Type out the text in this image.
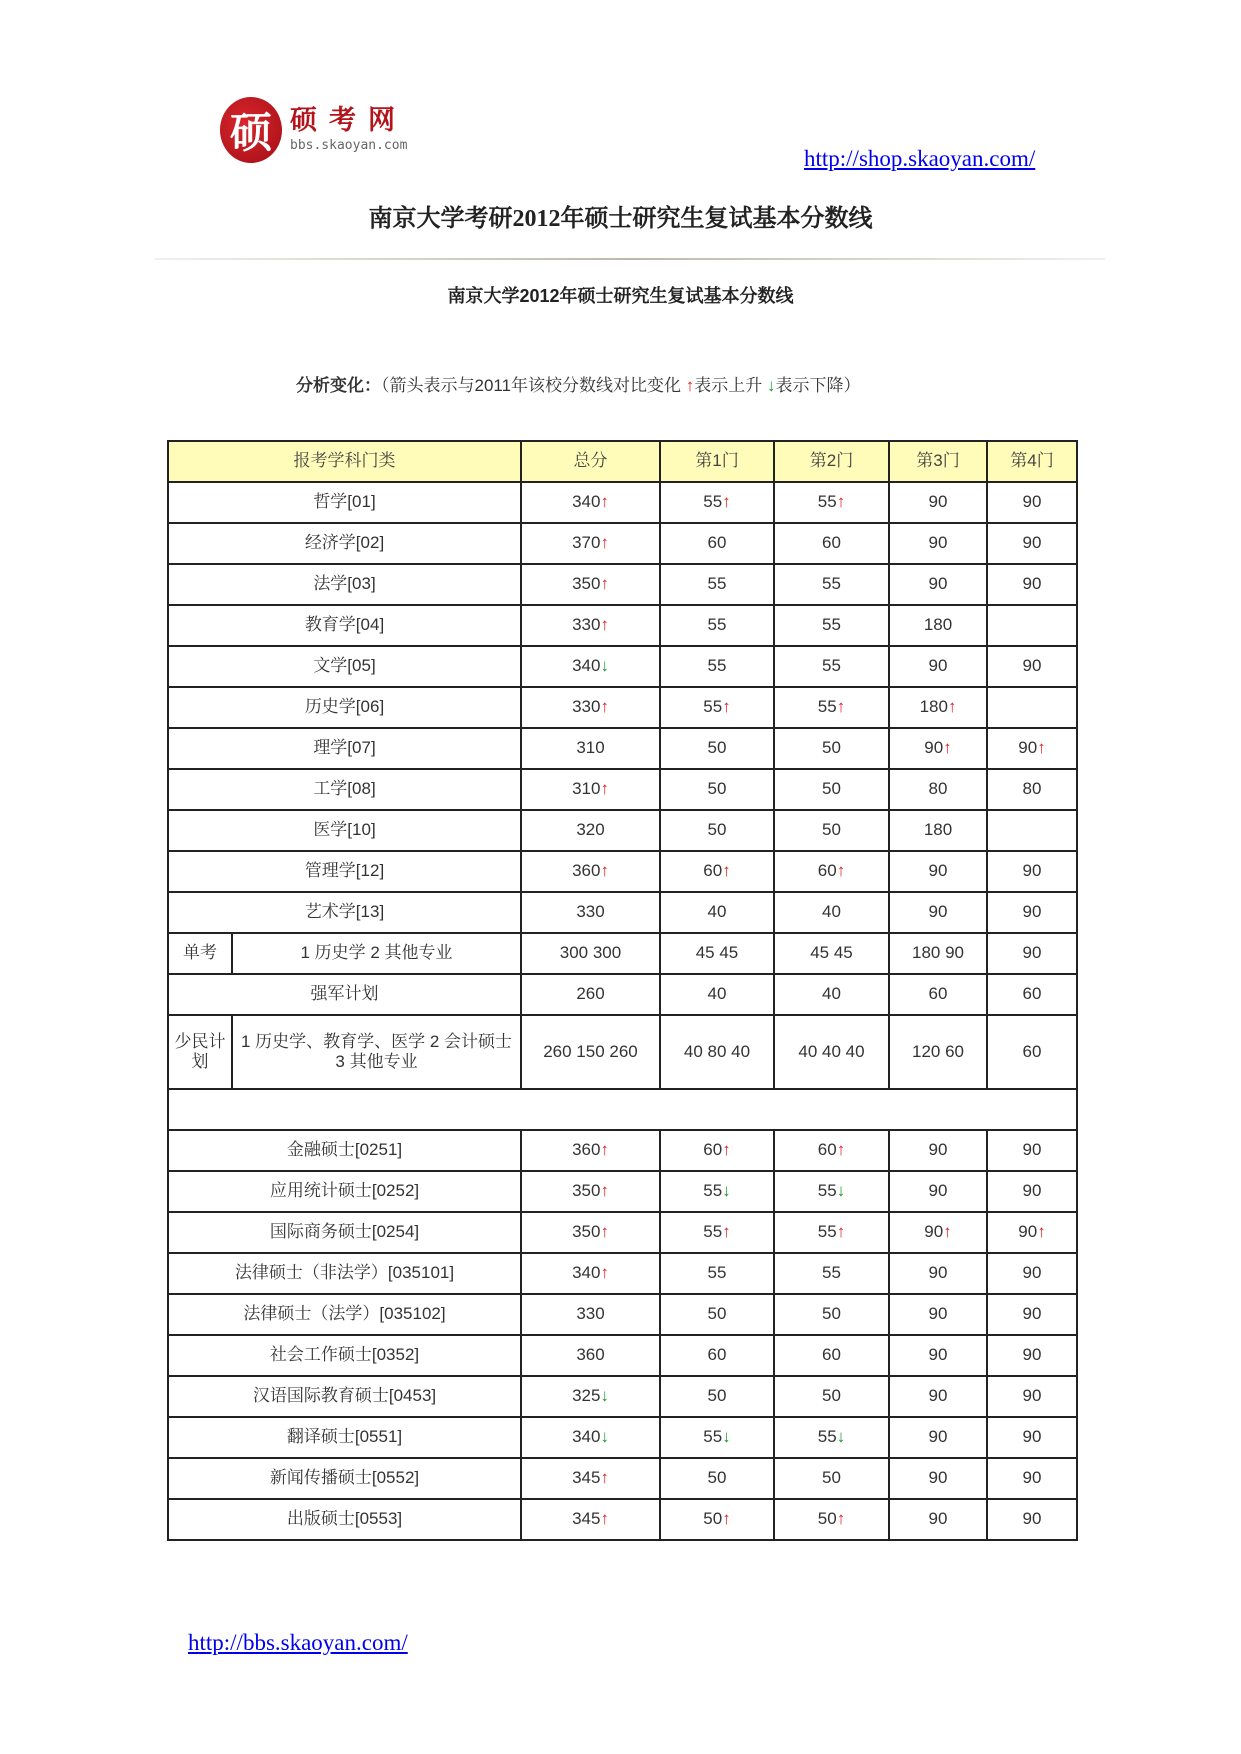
硕 硕考网
bbs.skaoyan.com
http://shop.skaoyan.com/
南京大学考研2012年硕士研究生复试基本分数线
南京大学2012年硕士研究生复试基本分数线
分析变化：（箭头表示与2011年该校分数线对比变化 ↑表示上升 ↓表示下降）
报考学科门类		总分	第1门	第2门	第3门	第4门
哲学[01]		340↑	55↑	55↑	90	90
经济学[02]		370↑	60	60	90	90
法学[03]		350↑	55	55	90	90
教育学[04]		330↑	55	55	180	
文学[05]		340↓	55	55	90	90
历史学[06]		330↑	55↑	55↑	180↑	
理学[07]		310	50	50	90↑	90↑
工学[08]		310↑	50	50	80	80
医学[10]		320	50	50	180	
管理学[12]		360↑	60↑	60↑	90	90
艺术学[13]		330	40	40	90	90
单考	1 历史学 2 其他专业	300 300	45 45	45 45	180 90	90
强军计划		260	40	40	60	60
少民计划	1 历史学、教育学、医学 2 会计硕士 3 其他专业	260 150 260	40 80 40	40 40 40	120 60	60

金融硕士[0251]		360↑	60↑	60↑	90	90
应用统计硕士[0252]		350↑	55↓	55↓	90	90
国际商务硕士[0254]		350↑	55↑	55↑	90↑	90↑
法律硕士（非法学）[035101]		340↑	55	55	90	90
法律硕士（法学）[035102]		330	50	50	90	90
社会工作硕士[0352]		360	60	60	90	90
汉语国际教育硕士[0453]		325↓	50	50	90	90
翻译硕士[0551]		340↓	55↓	55↓	90	90
新闻传播硕士[0552]		345↑	50	50	90	90
出版硕士[0553]		345↑	50↑	50↑	90	90
http://bbs.skaoyan.com/
